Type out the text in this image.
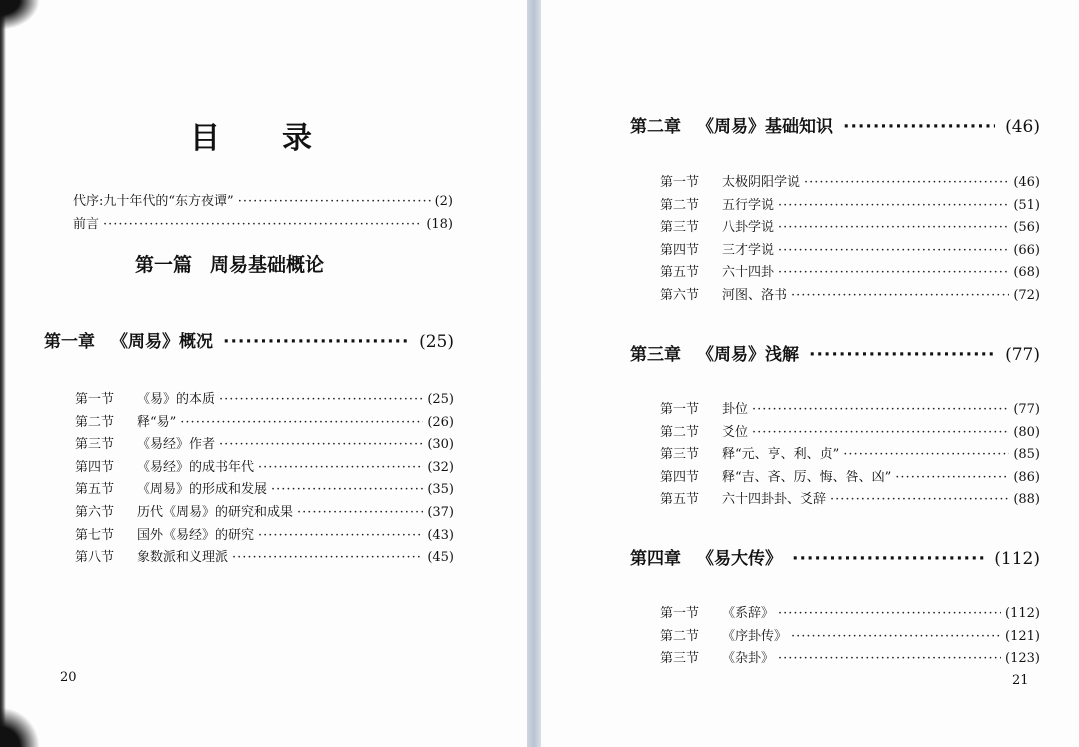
目 录
代序:九十年代的“东方夜谭” ·····	(2)
前言 ·····	(18)
第一篇 周易基础概论
第一章 《周易》概况 ·····	(25)
第一节	《易》的本质 ·····	(25)
第二节	释“易” ·····	(26)
第三节	《易经》作者 ·····	(30)
第四节	《易经》的成书年代 ·····	(32)
第五节	《周易》的形成和发展 ·····	(35)
第六节	历代《周易》的研究和成果 ·····	(37)
第七节	国外《易经》的研究 ·····	(43)
第八节	象数派和义理派 ·····	(45)
20
第二章 《周易》基础知识 ·····	(46)
第一节	太极阴阳学说 ·····	(46)
第二节	五行学说 ·····	(51)
第三节	八卦学说 ·····	(56)
第四节	三才学说 ·····	(66)
第五节	六十四卦 ·····	(68)
第六节	河图、洛书 ·····	(72)
第三章 《周易》浅解 ·····	(77)
第一节	卦位 ·····	(77)
第二节	爻位 ·····	(80)
第三节	释“元、亨、利、贞” ·····	(85)
第四节	释“吉、吝、厉、悔、咎、凶” ·····	(86)
第五节	六十四卦卦、爻辞 ·····	(88)
第四章 《易大传》 ·····	(112)
第一节	《系辞》 ·····	(112)
第二节	《序卦传》 ·····	(121)
第三节	《杂卦》 ·····	(123)
21
